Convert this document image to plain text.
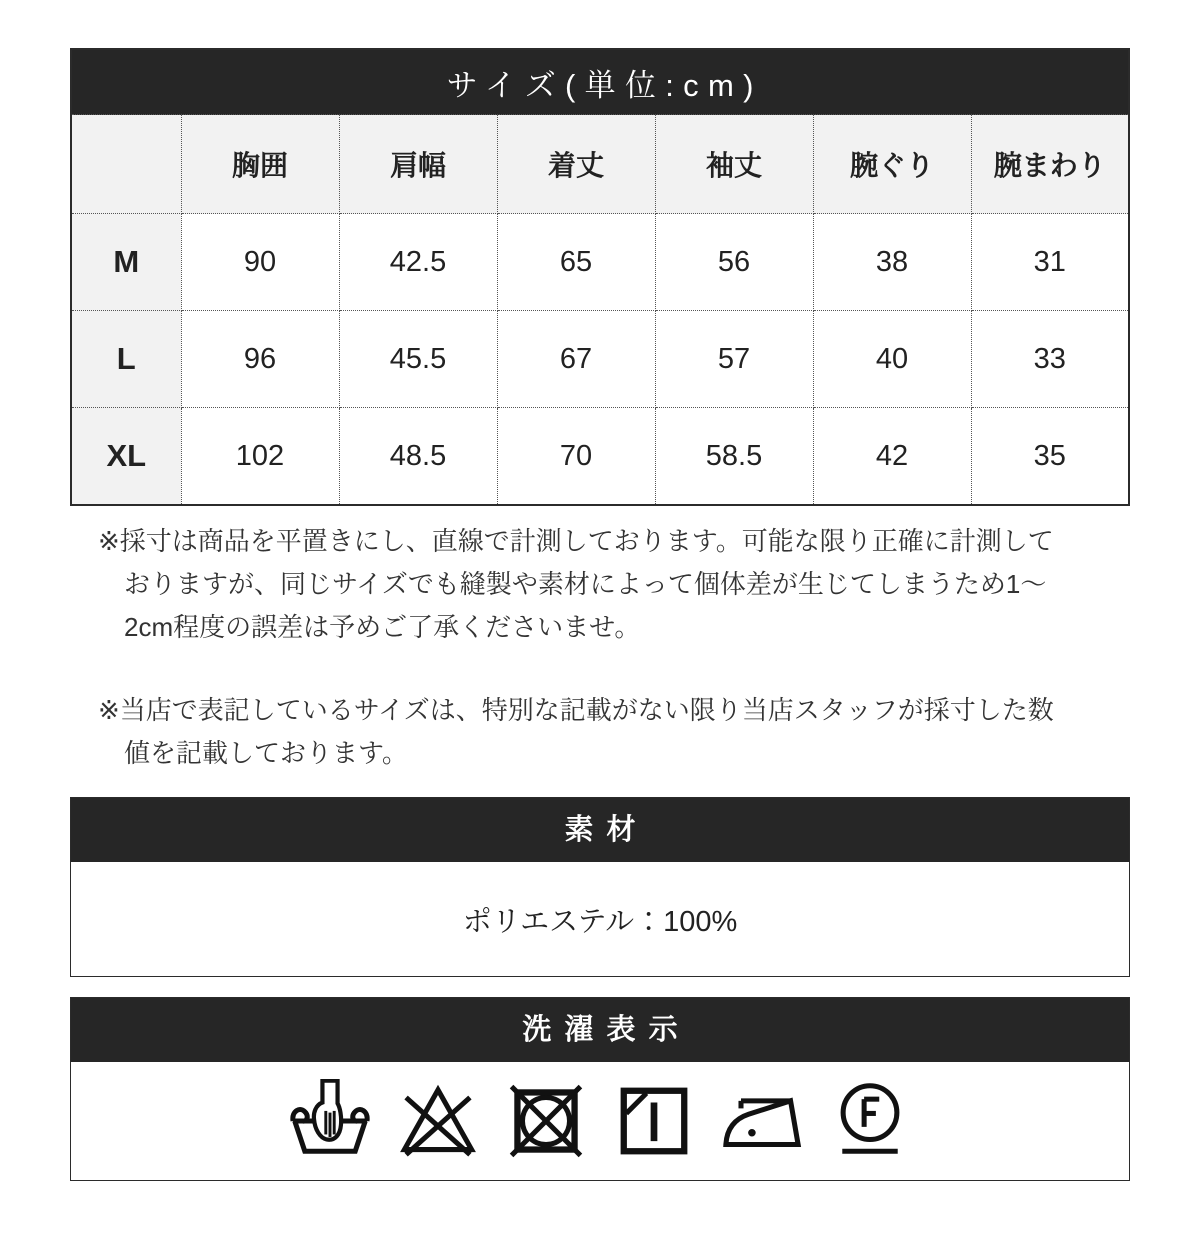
サイズ(単位:cm)						
	胸囲	肩幅	着丈	袖丈	腕ぐり	腕まわり
M	90	42.5	65	56	38	31
L	96	45.5	67	57	40	33
XL	102	48.5	70	58.5	42	35

※採寸は商品を平置きにし、直線で計測しております。可能な限り正確に計測しておりますが、同じサイズでも縫製や素材によって個体差が生じてしまうため1〜2cm程度の誤差は予めご了承くださいませ。

※当店で表記しているサイズは、特別な記載がない限り当店スタッフが採寸した数値を記載しております。

素材
ポリエステル：100%
洗濯表示
